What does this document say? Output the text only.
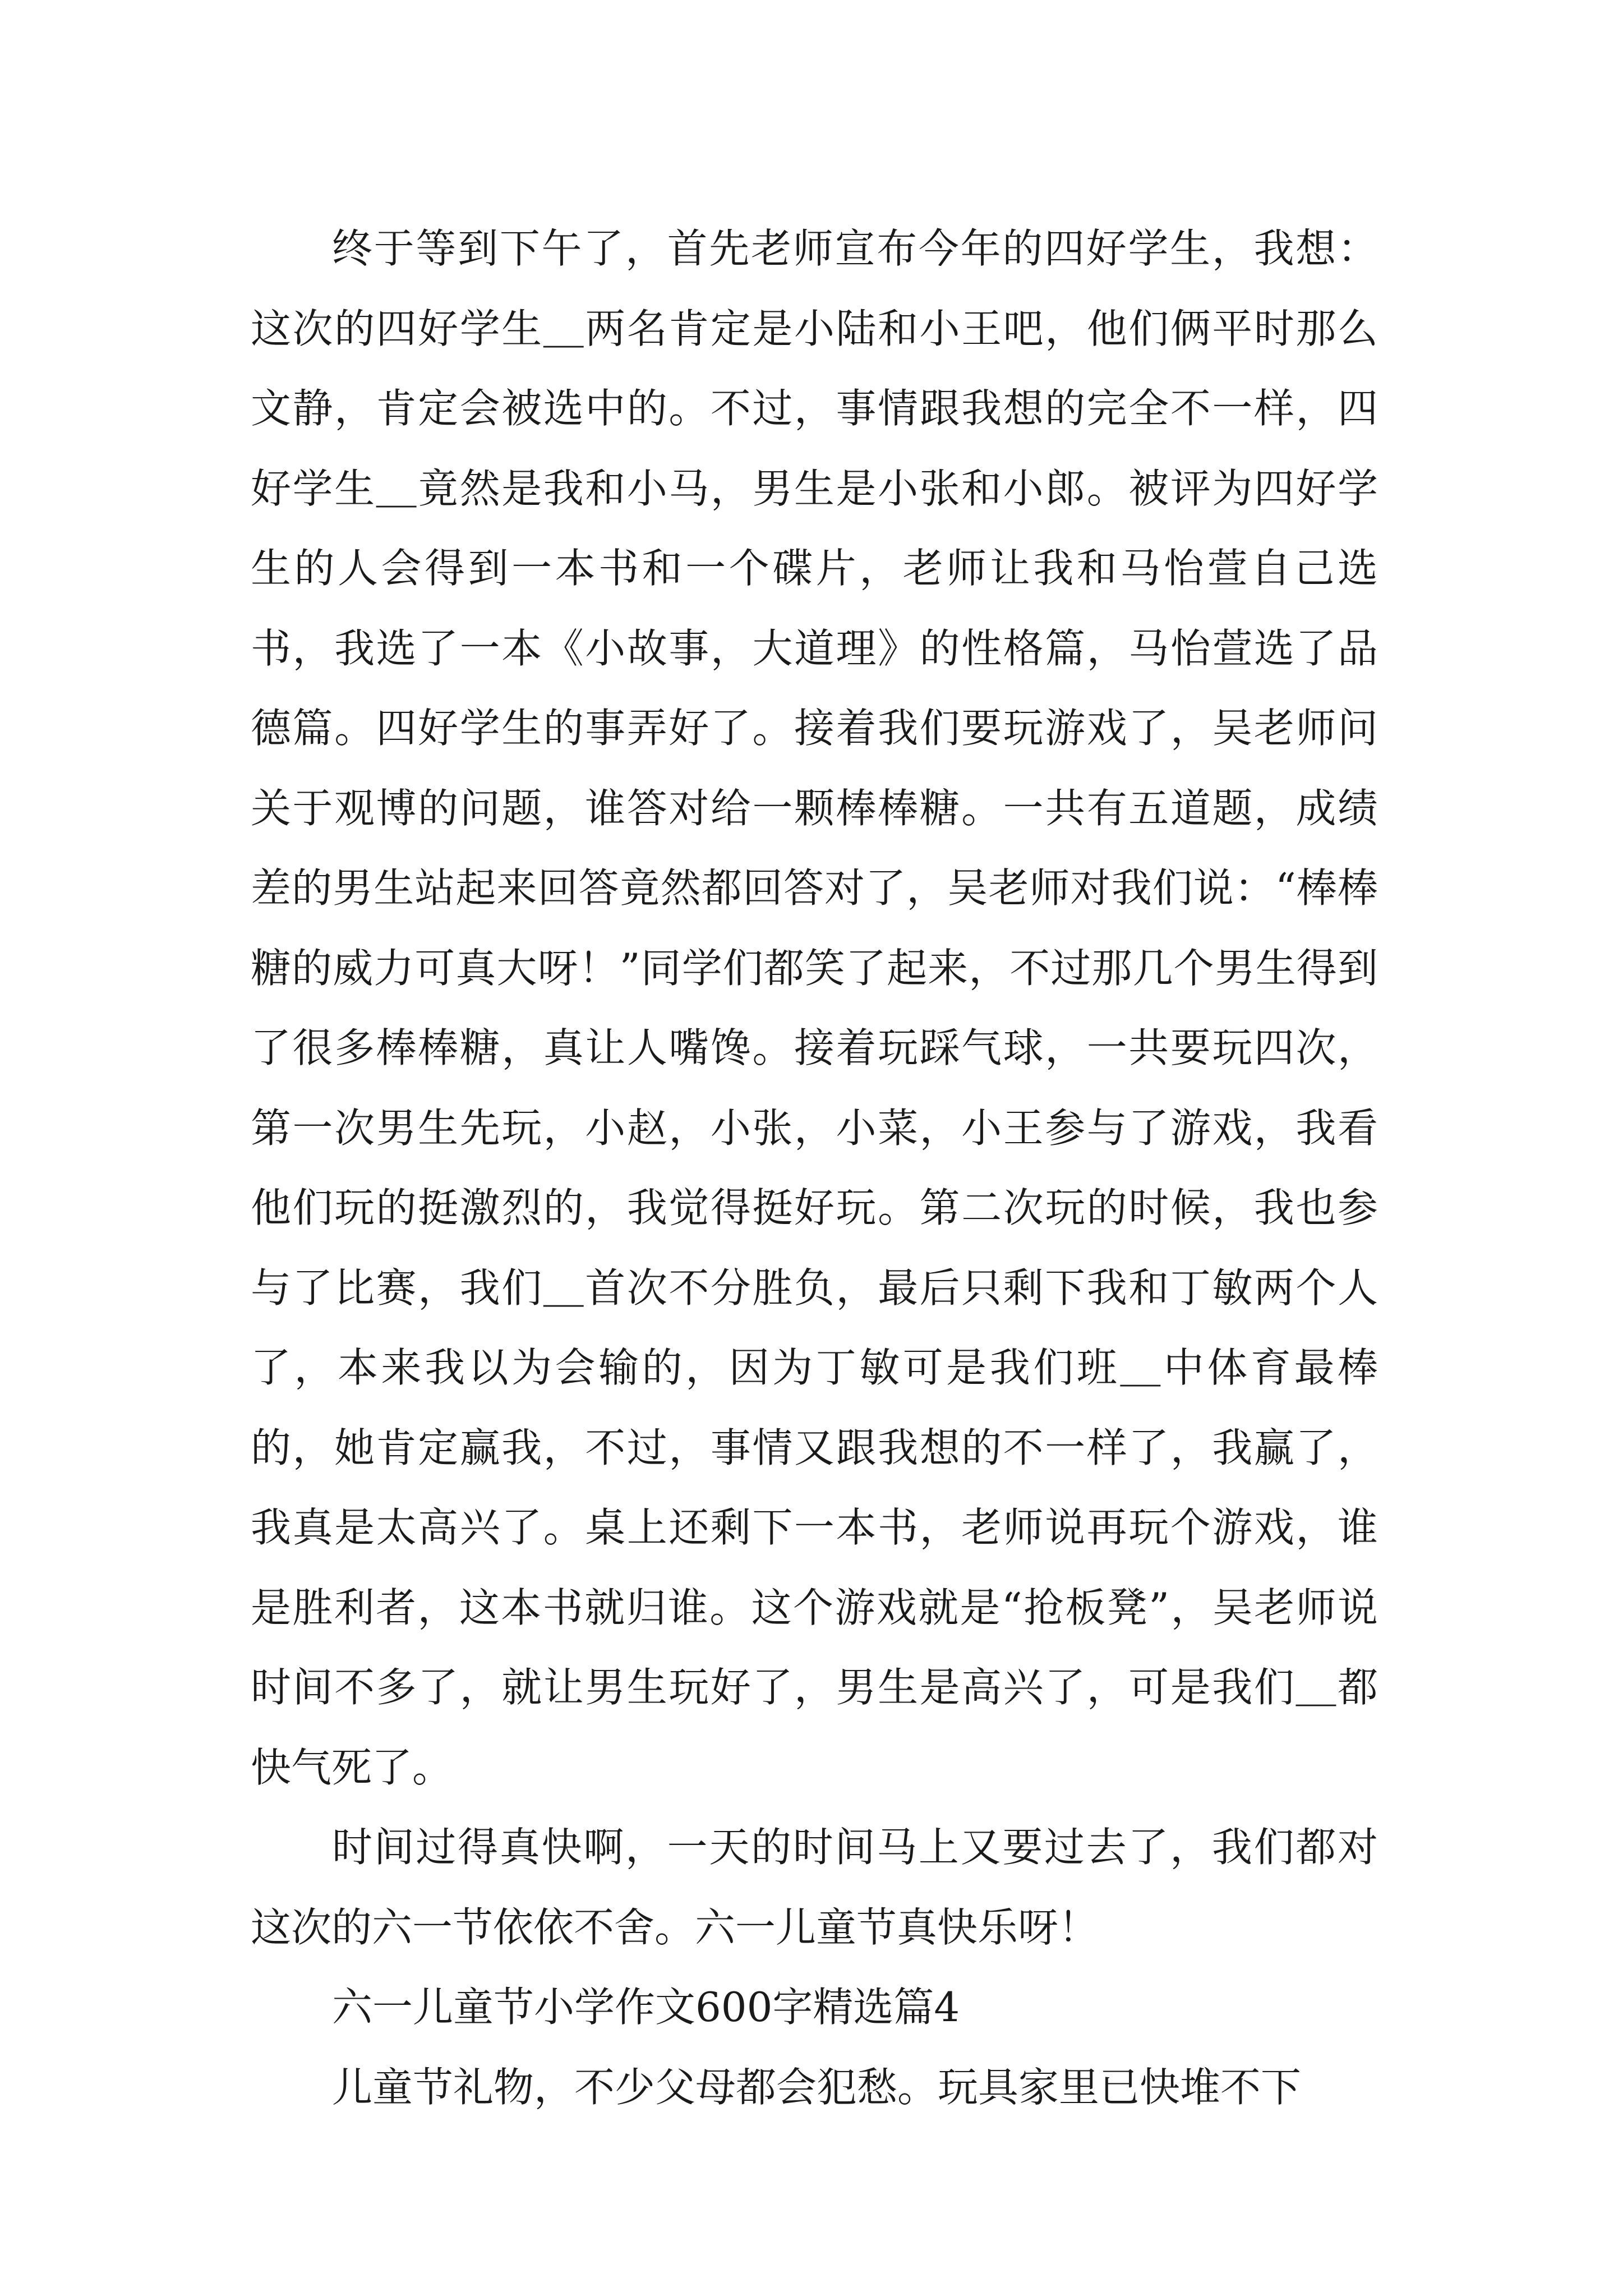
终于等到下午了，首先老师宣布今年的四好学生，我想：这次的四好学生＿两名肯定是小陆和小王吧，他们俩平时那么文静，肯定会被选中的。不过，事情跟我想的完全不一样，四好学生＿竟然是我和小马，男生是小张和小郎。被评为四好学生的人会得到一本书和一个碟片，老师让我和马怡萱自己选书，我选了一本《小故事，大道理》的性格篇，马怡萱选了品德篇。四好学生的事弄好了。接着我们要玩游戏了，吴老师问关于观博的问题，谁答对给一颗棒棒糖。一共有五道题，成绩差的男生站起来回答竟然都回答对了，吴老师对我们说：“棒棒糖的威力可真大呀！”同学们都笑了起来，不过那几个男生得到了很多棒棒糖，真让人嘴馋。接着玩踩气球，一共要玩四次，第一次男生先玩，小赵，小张，小菜，小王参与了游戏，我看他们玩的挺激烈的，我觉得挺好玩。第二次玩的时候，我也参与了比赛，我们＿首次不分胜负，最后只剩下我和丁敏两个人了，本来我以为会输的，因为丁敏可是我们班＿中体育最棒的，她肯定赢我，不过，事情又跟我想的不一样了，我赢了，我真是太高兴了。桌上还剩下一本书，老师说再玩个游戏，谁是胜利者，这本书就归谁。这个游戏就是“抢板凳”，吴老师说时间不多了，就让男生玩好了，男生是高兴了，可是我们＿都快气死了。

时间过得真快啊，一天的时间马上又要过去了，我们都对这次的六一节依依不舍。六一儿童节真快乐呀！

六一儿童节小学作文600字精选篇4

儿童节礼物，不少父母都会犯愁。玩具家里已快堆不下
